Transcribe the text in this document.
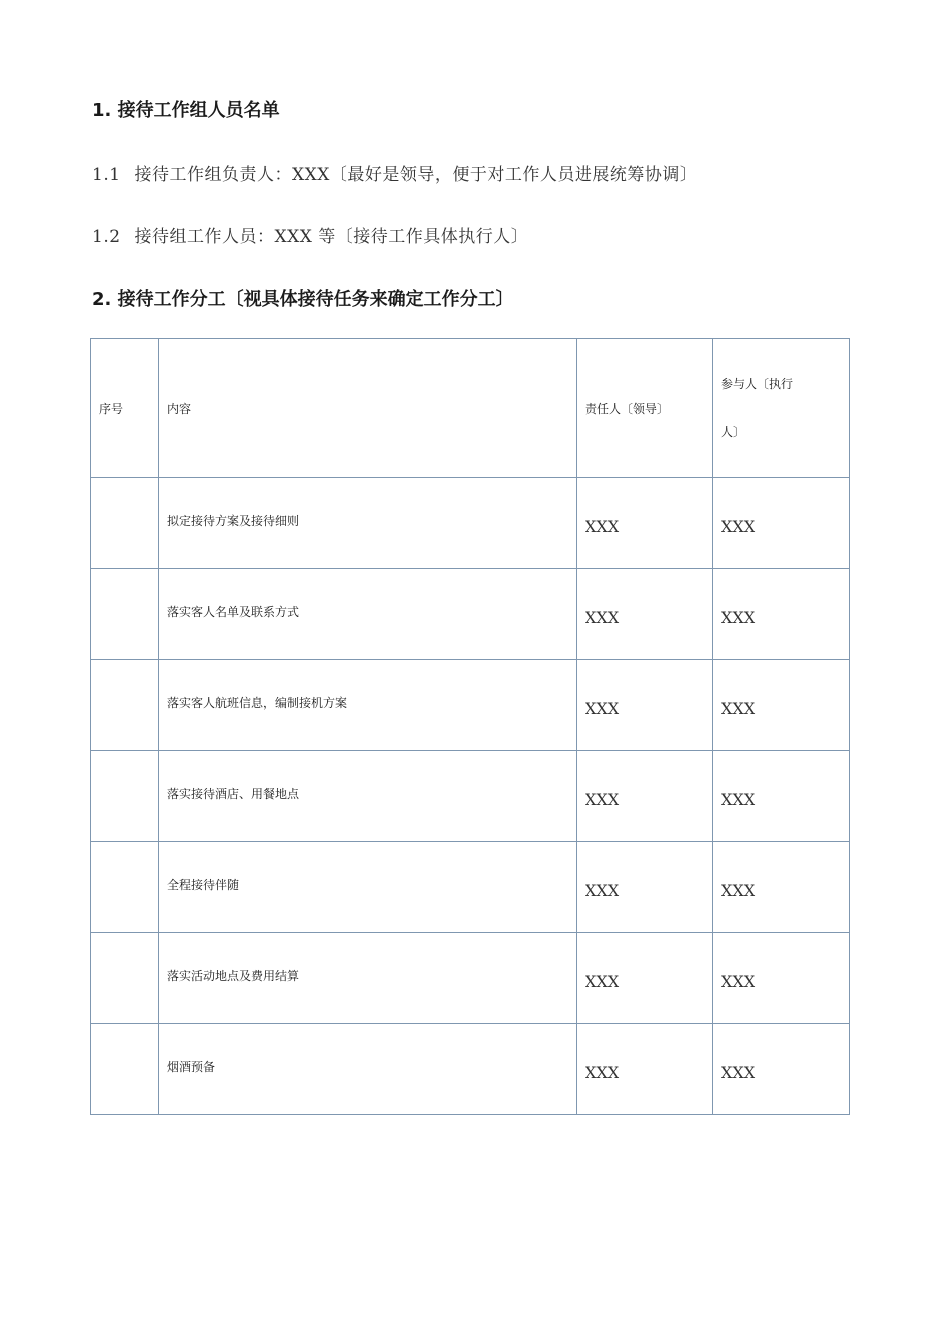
1. 接待工作组人员名单
1.1 接待工作组负责人：XXX〔最好是领导，便于对工作人员进展统筹协调〕
1.2 接待组工作人员：XXX 等〔接待工作具体执行人〕
2. 接待工作分工〔视具体接待任务来确定工作分工〕
序号	内容	责任人〔领导〕	参与人〔执行人〕

	拟定接待方案及接待细则	XXX	XXX
	落实客人名单及联系方式	XXX	XXX
	落实客人航班信息，编制接机方案	XXX	XXX
	落实接待酒店、用餐地点	XXX	XXX
	全程接待伴随	XXX	XXX
	落实活动地点及费用结算	XXX	XXX
	烟酒预备	XXX	XXX
